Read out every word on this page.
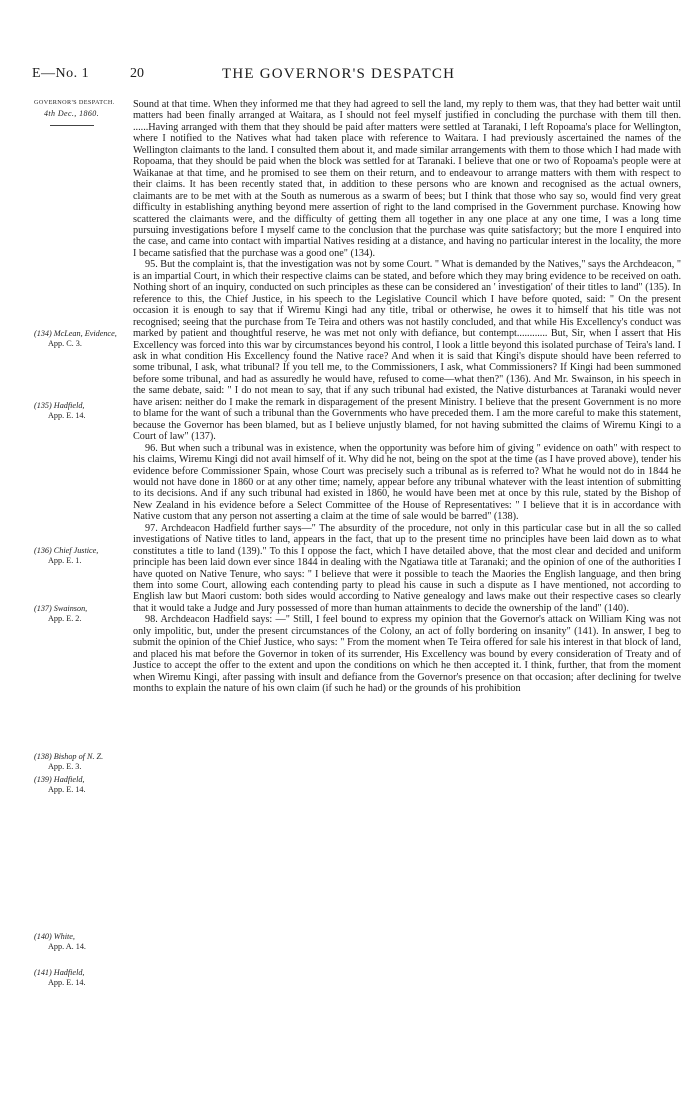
E—No. 1	20	THE GOVERNOR'S DESPATCH
GOVERNOR'S DESPATCH.
4th Dec., 1860.
(134) McLean, Evidence,
App. C. 3.
(135) Hadfield,
App. E. 14.
(136) Chief Justice,
App. E. 1.
(137) Swainson,
App. E. 2.
(138) Bishop of N. Z.
App. E. 3.
(139) Hadfield,
App. E. 14.
(140) White,
App. A. 14.
(141) Hadfield,
App. E. 14.

Sound at that time. When they informed me that they had agreed to sell the land, my reply to them was, that they had better wait until matters had been finally arranged at Waitara, as I should not feel myself justified in concluding the purchase with them till then. ......Having arranged with them that they should be paid after matters were settled at Taranaki, I left Ropoama's place for Wellington, where I notified to the Natives what had taken place with reference to Waitara. I had previously ascertained the names of the Wellington claimants to the land. I consulted them about it, and made similar arrangements with them to those which I had made with Ropoama, that they should be paid when the block was settled for at Taranaki. I believe that one or two of Ropoama's people were at Waikanae at that time, and he promised to see them on their return, and to endeavour to arrange matters with them with respect to their claims. It has been recently stated that, in addition to these persons who are known and recognised as the actual owners, claimants are to be met with at the South as numerous as a swarm of bees; but I think that those who say so, would find very great difficulty in establishing anything beyond mere assertion of right to the land comprised in the Government purchase. Knowing how scattered the claimants were, and the difficulty of getting them all together in any one place at any one time, I was a long time pursuing investigations before I myself came to the conclusion that the purchase was quite satisfactory; but the more I enquired into the case, and came into contact with impartial Natives residing at a distance, and having no particular interest in the locality, the more I became satisfied that the purchase was a good one" (134).

95. But the complaint is, that the investigation was not by some Court. " What is demanded by the Natives," says the Archdeacon, " is an impartial Court, in which their respective claims can be stated, and before which they may bring evidence to be received on oath. Nothing short of an inquiry, conducted on such principles as these can be considered an ' investigation' of their titles to land" (135). In reference to this, the Chief Justice, in his speech to the Legislative Council which I have before quoted, said: " On the present occasion it is enough to say that if Wiremu Kingi had any title, tribal or otherwise, he owes it to himself that his title was not recognised; seeing that the purchase from Te Teira and others was not hastily concluded, and that while His Excellency's conduct was marked by patient and thoughtful reserve, he was met not only with defiance, but contempt............ But, Sir, when I assert that His Excellency was forced into this war by circumstances beyond his control, I look a little beyond this isolated purchase of Teira's land. I ask in what condition His Excellency found the Native race? And when it is said that Kingi's dispute should have been referred to some tribunal, I ask, what tribunal? If you tell me, to the Commissioners, I ask, what Commissioners? If Kingi had been summoned before some tribunal, and had as assuredly he would have, refused to come—what then?" (136). And Mr. Swainson, in his speech in the same debate, said: " I do not mean to say, that if any such tribunal had existed, the Native disturbances at Taranaki would never have arisen: neither do I make the remark in disparagement of the present Ministry. I believe that the present Government is no more to blame for the want of such a tribunal than the Governments who have preceded them. I am the more careful to make this statement, because the Governor has been blamed, but as I believe unjustly blamed, for not having submitted the claims of Wiremu Kingi to a Court of law" (137).

96. But when such a tribunal was in existence, when the opportunity was before him of giving " evidence on oath" with respect to his claims, Wiremu Kingi did not avail himself of it. Why did he not, being on the spot at the time (as I have proved above), tender his evidence before Commissioner Spain, whose Court was precisely such a tribunal as is referred to? What he would not do in 1844 he would not have done in 1860 or at any other time; namely, appear before any tribunal whatever with the least intention of submitting to its decisions. And if any such tribunal had existed in 1860, he would have been met at once by this rule, stated by the Bishop of New Zealand in his evidence before a Select Committee of the House of Representatives: " I believe that it is in accordance with Native custom that any person not asserting a claim at the time of sale would be barred" (138).

97. Archdeacon Hadfield further says—" The absurdity of the procedure, not only in this particular case but in all the so called investigations of Native titles to land, appears in the fact, that up to the present time no principles have been laid down as to what constitutes a title to land (139)." To this I oppose the fact, which I have detailed above, that the most clear and decided and uniform principle has been laid down ever since 1844 in dealing with the Ngatiawa title at Taranaki; and the opinion of one of the authorities I have quoted on Native Tenure, who says: " I believe that were it possible to teach the Maories the English language, and then bring them into some Court, allowing each contending party to plead his cause in such a dispute as I have mentioned, not according to English law but Maori custom: both sides would according to Native genealogy and laws make out their respective cases so clearly that it would take a Judge and Jury possessed of more than human attainments to decide the ownership of the land" (140).

98. Archdeacon Hadfield says: —" Still, I feel bound to express my opinion that the Governor's attack on William King was not only impolitic, but, under the present circumstances of the Colony, an act of folly bordering on insanity" (141). In answer, I beg to submit the opinion of the Chief Justice, who says: " From the moment when Te Teira offered for sale his interest in that block of land, and placed his mat before the Governor in token of its surrender, His Excellency was bound by every consideration of Treaty and of Justice to accept the offer to the extent and upon the conditions on which he then accepted it. I think, further, that from the moment when Wiremu Kingi, after passing with insult and defiance from the Governor's presence on that occasion; after declining for twelve months to explain the nature of his own claim (if such he had) or the grounds of his prohibition
